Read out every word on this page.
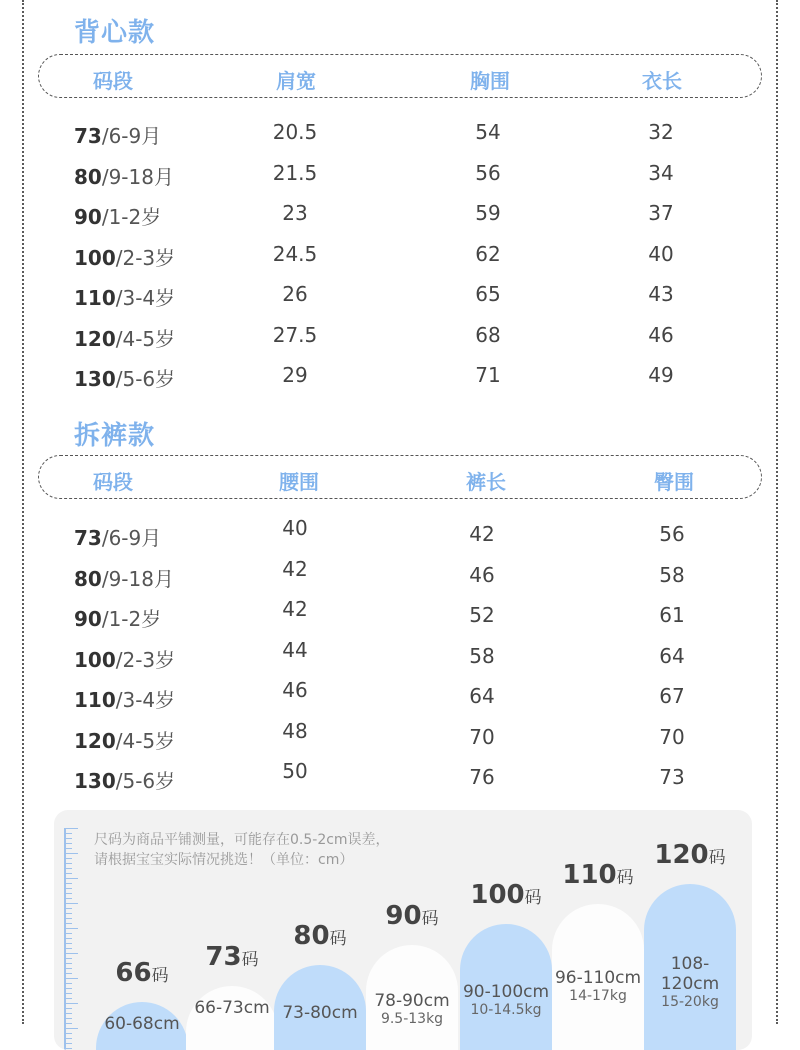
背心款
码段	肩宽	胸围	衣长
73/6-9月	20.5	54	32
80/9-18月	21.5	56	34
90/1-2岁	23	59	37
100/2-3岁	24.5	62	40
110/3-4岁	26	65	43
120/4-5岁	27.5	68	46
130/5-6岁	29	71	49
拆裤款
码段	腰围	裤长	臀围
73/6-9月	40	42	56
80/9-18月	42	46	58
90/1-2岁	42	52	61
100/2-3岁	44	58	64
110/3-4岁	46	64	67
120/4-5岁	48	70	70
130/5-6岁	50	76	73
尺码为商品平铺测量，可能存在0.5-2cm误差，
请根据宝宝实际情况挑选！（单位：cm）
66码
60-68cm
73码
66-73cm
80码
73-80cm
90码
78-90cm
9.5-13kg
100码
90-100cm
10-14.5kg
110码
96-110cm
14-17kg
120码
108-120cm
15-20kg
